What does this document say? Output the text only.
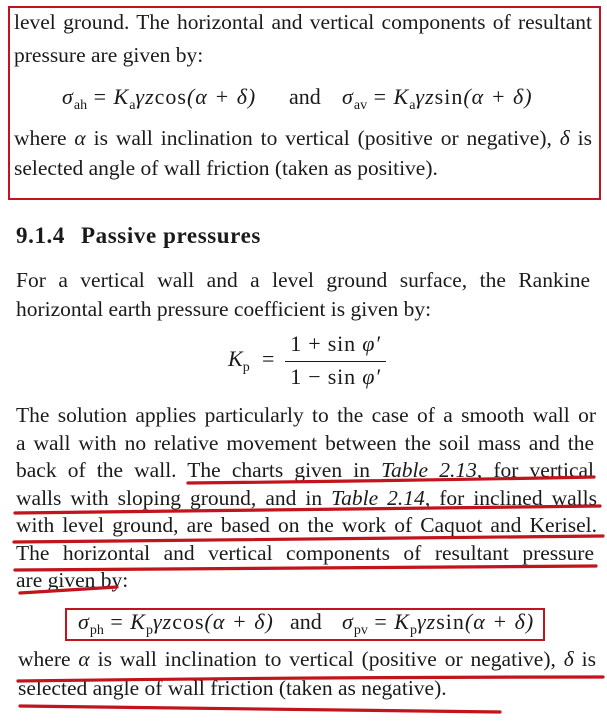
level ground. The horizontal and vertical components of resultant
pressure are given by:
$\sigma_{ah} = K_a\gamma zcos(\alpha + \delta)$ and $\sigma_{av} = K_a\gamma zsin(\alpha + \delta)$
where α is wall inclination to vertical (positive or negative), δ is
selected angle of wall friction (taken as positive).
9.1.4 Passive pressures
For a vertical wall and a level ground surface, the Rankine
horizontal earth pressure coefficient is given by:
$K_p$ =
1 + sin φ′
1 − sin φ′
The solution applies particularly to the case of a smooth wall or
a wall with no relative movement between the soil mass and the
back of the wall. The charts given in Table 2.13, for vertical
walls with sloping ground, and in Table 2.14, for inclined walls
with level ground, are based on the work of Caquot and Kerisel.
The horizontal and vertical components of resultant pressure
are given by:
$\sigma_{ph} = K_p\gamma zcos(\alpha + \delta)$ and $\sigma_{pv} = K_p\gamma zsin(\alpha + \delta)$
where α is wall inclination to vertical (positive or negative), δ is
selected angle of wall friction (taken as negative).
